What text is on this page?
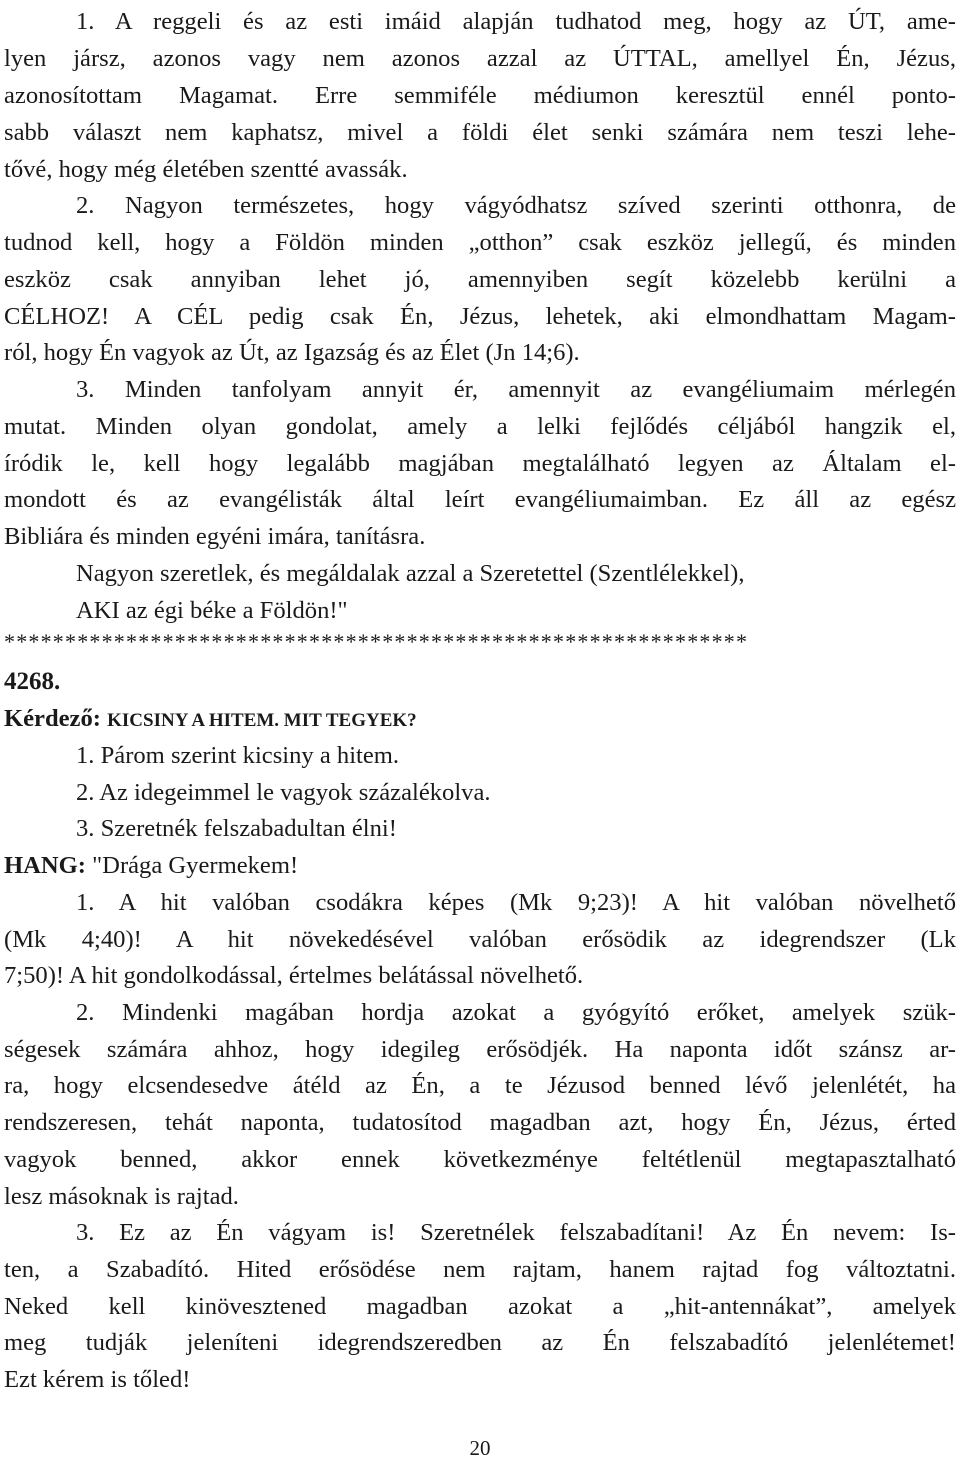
1. A reggeli és az esti imáid alapján tudhatod meg, hogy az ÚT, ame-
lyen jársz, azonos vagy nem azonos azzal az ÚTTAL, amellyel Én, Jézus,
azonosítottam Magamat. Erre semmiféle médiumon keresztül ennél ponto-
sabb választ nem kaphatsz, mivel a földi élet senki számára nem teszi lehe-
tővé, hogy még életében szentté avassák.
2. Nagyon természetes, hogy vágyódhatsz szíved szerinti otthonra, de
tudnod kell, hogy a Földön minden „otthon” csak eszköz jellegű, és minden
eszköz csak annyiban lehet jó, amennyiben segít közelebb kerülni a
CÉLHOZ! A CÉL pedig csak Én, Jézus, lehetek, aki elmondhattam Magam-
ról, hogy Én vagyok az Út, az Igazság és az Élet (Jn 14;6).
3. Minden tanfolyam annyit ér, amennyit az evangéliumaim mérlegén
mutat. Minden olyan gondolat, amely a lelki fejlődés céljából hangzik el,
íródik le, kell hogy legalább magjában megtalálható legyen az Általam el-
mondott és az evangélisták által leírt evangéliumaimban. Ez áll az egész
Bibliára és minden egyéni imára, tanításra.
Nagyon szeretlek, és megáldalak azzal a Szeretettel (Szentlélekkel),
AKI az égi béke a Földön!"
*************************************************************
4268.
Kérdező: KICSINY A HITEM. MIT TEGYEK?
1. Párom szerint kicsiny a hitem.
2. Az idegeimmel le vagyok százalékolva.
3. Szeretnék felszabadultan élni!
HANG: "Drága Gyermekem!
1. A hit valóban csodákra képes (Mk 9;23)! A hit valóban növelhető
(Mk 4;40)! A hit növekedésével valóban erősödik az idegrendszer (Lk
7;50)! A hit gondolkodással, értelmes belátással növelhető.
2. Mindenki magában hordja azokat a gyógyító erőket, amelyek szük-
ségesek számára ahhoz, hogy idegileg erősödjék. Ha naponta időt szánsz ar-
ra, hogy elcsendesedve átéld az Én, a te Jézusod benned lévő jelenlétét, ha
rendszeresen, tehát naponta, tudatosítod magadban azt, hogy Én, Jézus, érted
vagyok benned, akkor ennek következménye feltétlenül megtapasztalható
lesz másoknak is rajtad.
3. Ez az Én vágyam is! Szeretnélek felszabadítani! Az Én nevem: Is-
ten, a Szabadító. Hited erősödése nem rajtam, hanem rajtad fog változtatni.
Neked kell kinövesztened magadban azokat a „hit-antennákat”, amelyek
meg tudják jeleníteni idegrendszeredben az Én felszabadító jelenlétemet!
Ezt kérem is tőled!
20
